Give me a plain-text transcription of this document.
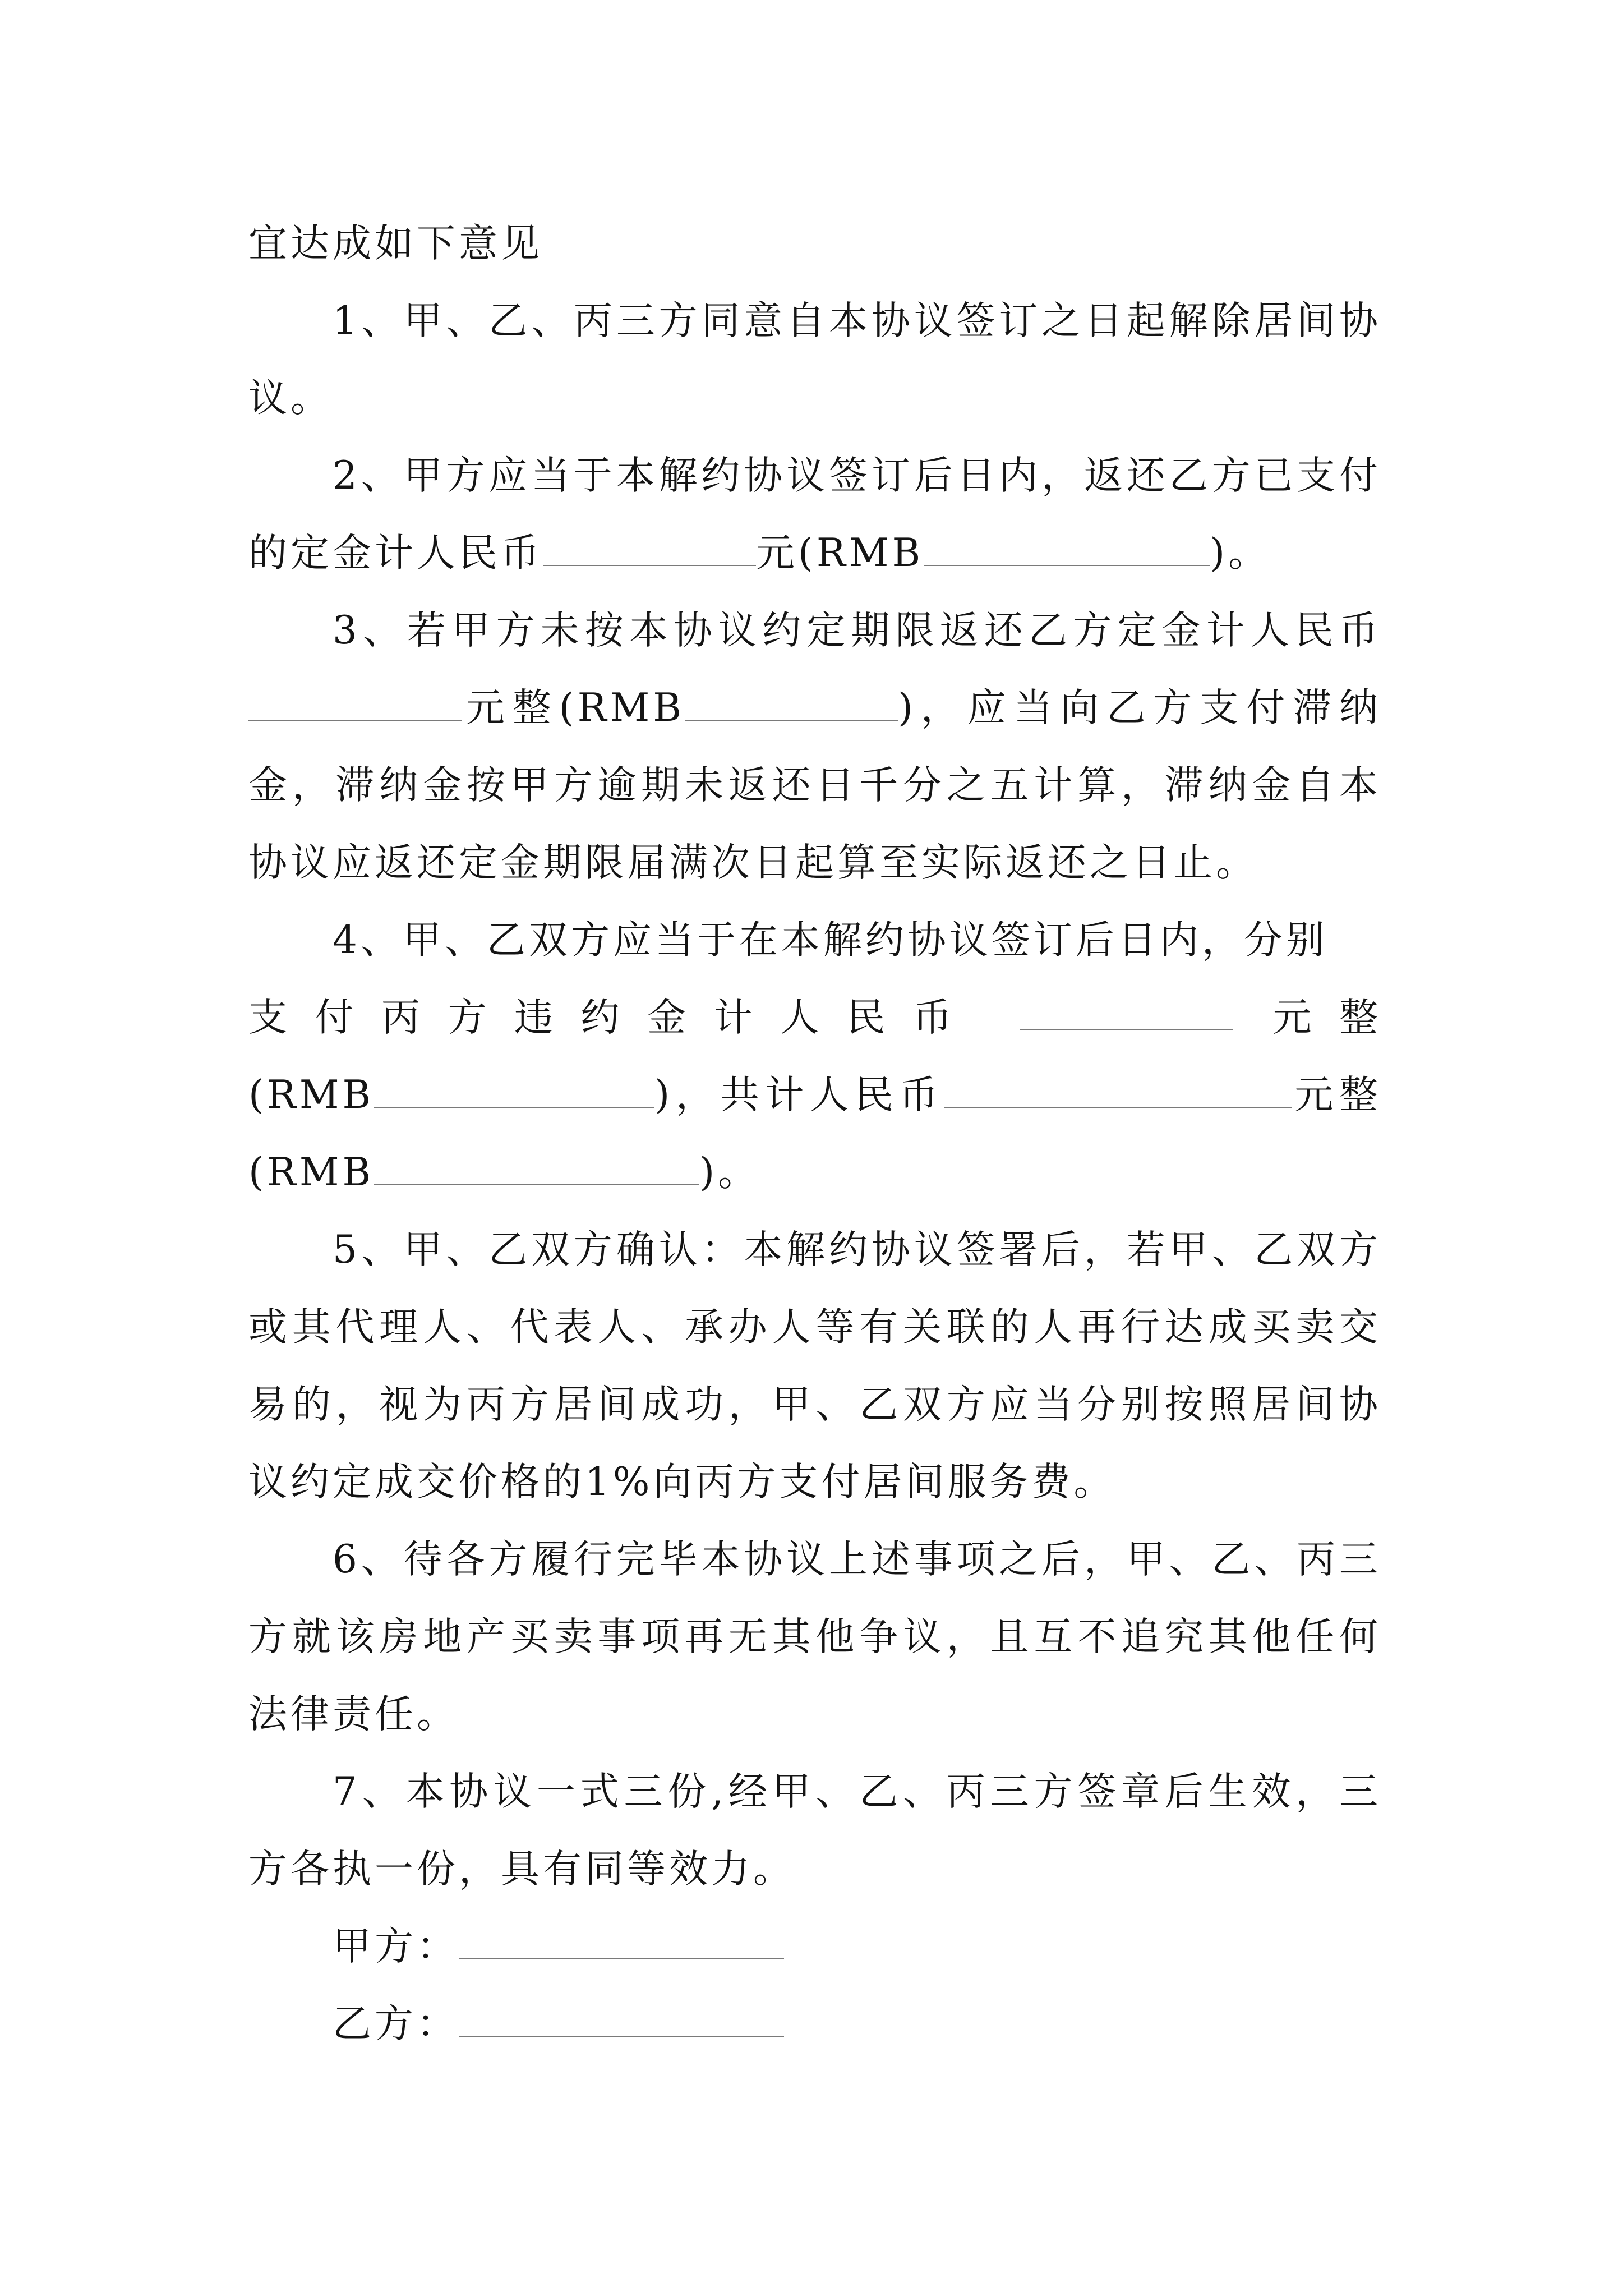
宜达成如下意见

1、甲、乙、丙三方同意自本协议签订之日起解除居间协议。

2、甲方应当于本解约协议签订后日内，返还乙方已支付的定金计人民币	元(RMB	)。

3、若甲方未按本协议约定期限返还乙方定金计人民币元整(RMB	)，应当向乙方支付滞纳金，滞纳金按甲方逾期未返还日千分之五计算，滞纳金自本协议应返还定金期限届满次日起算至实际返还之日止。

4、甲、乙双方应当于在本解约协议签订后日内，分别

支付丙方违约金计人民币	元整
(RMB	)，共计人民币	元整

(RMB	)。

5、甲、乙双方确认：本解约协议签署后，若甲、乙双方或其代理人、代表人、承办人等有关联的人再行达成买卖交易的，视为丙方居间成功，甲、乙双方应当分别按照居间协议约定成交价格的1%向丙方支付居间服务费。

6、待各方履行完毕本协议上述事项之后，甲、乙、丙三方就该房地产买卖事项再无其他争议，且互不追究其他任何法律责任。

7、本协议一式三份,经甲、乙、丙三方签章后生效，三方各执一份，具有同等效力。

甲方：

乙方：
